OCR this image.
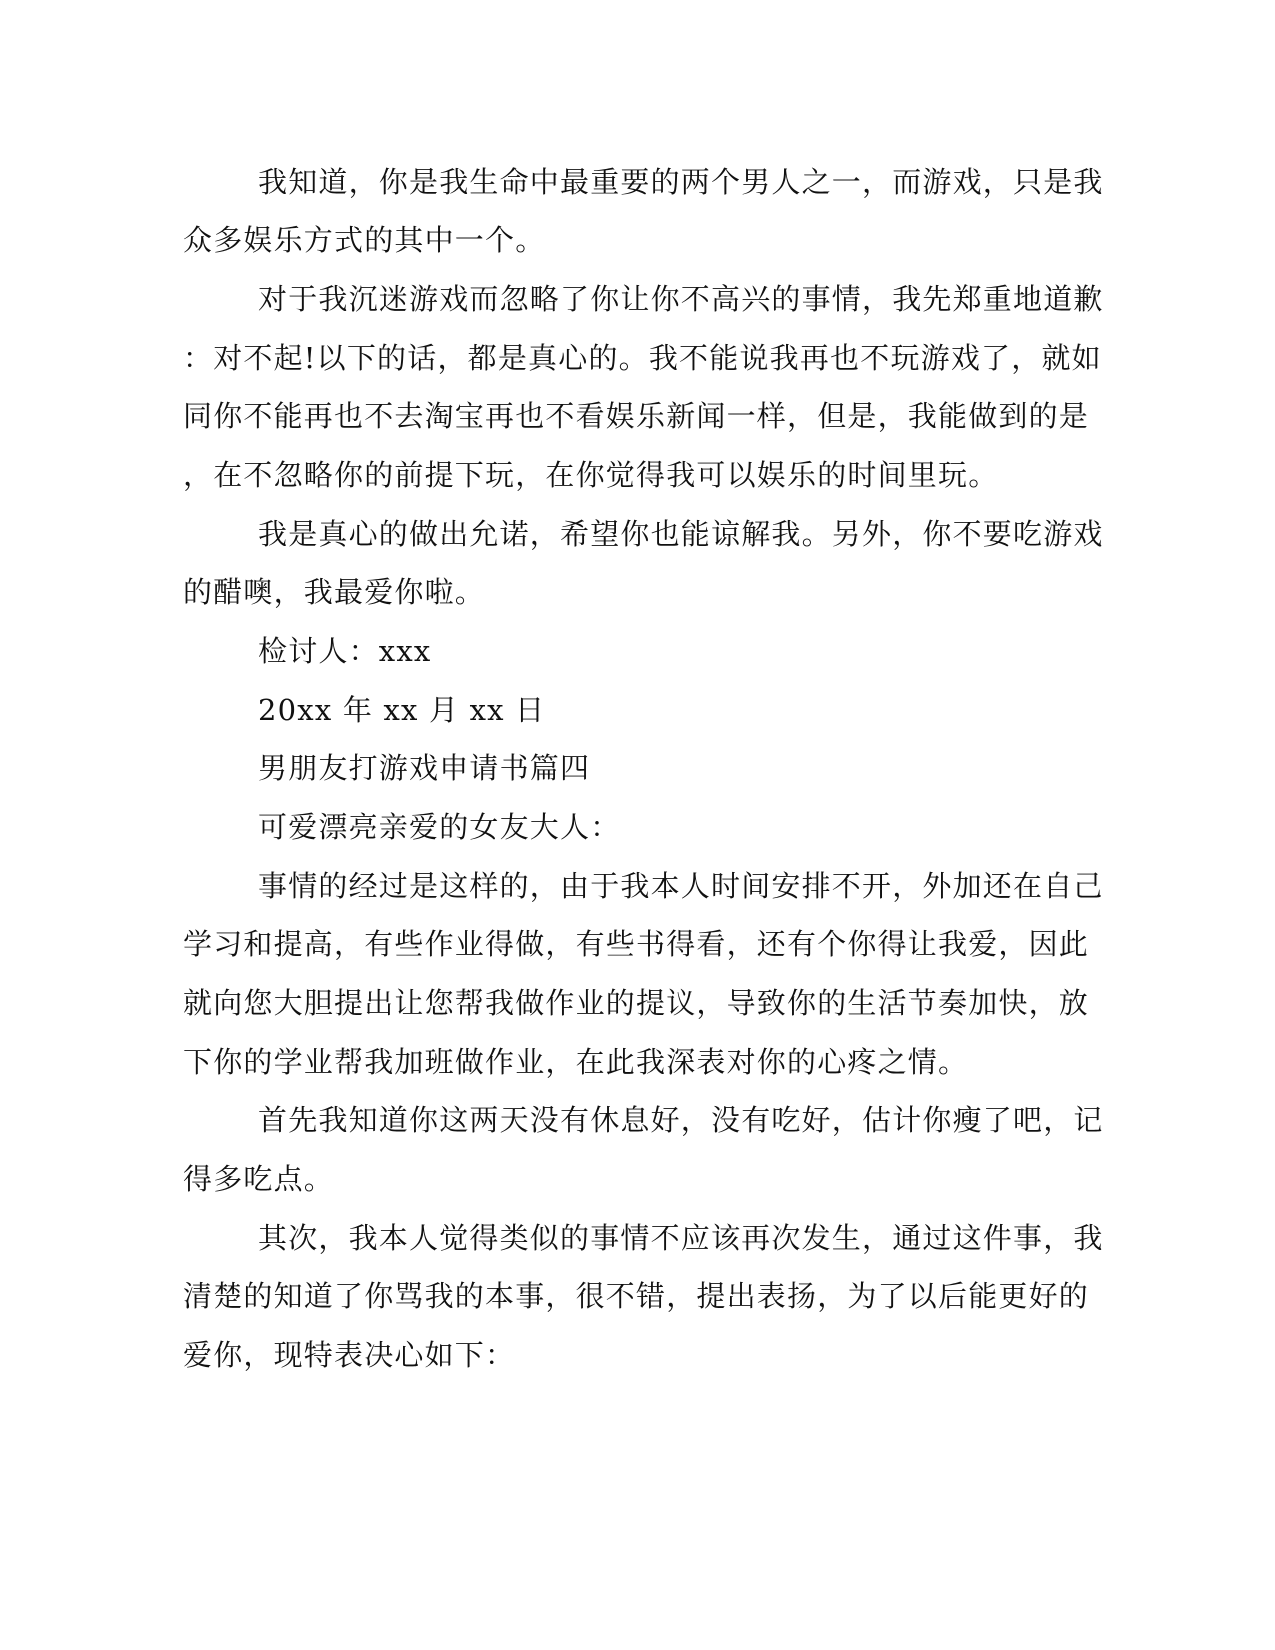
我知道，你是我生命中最重要的两个男人之一，而游戏，只是我
众多娱乐方式的其中一个。
对于我沉迷游戏而忽略了你让你不高兴的事情，我先郑重地道歉
：对不起!以下的话，都是真心的。我不能说我再也不玩游戏了，就如
同你不能再也不去淘宝再也不看娱乐新闻一样，但是，我能做到的是
，在不忽略你的前提下玩，在你觉得我可以娱乐的时间里玩。
我是真心的做出允诺，希望你也能谅解我。另外，你不要吃游戏
的醋噢，我最爱你啦。
检讨人：xxx
20xx 年 xx 月 xx 日
男朋友打游戏申请书篇四
可爱漂亮亲爱的女友大人：
事情的经过是这样的，由于我本人时间安排不开，外加还在自己
学习和提高，有些作业得做，有些书得看，还有个你得让我爱，因此
就向您大胆提出让您帮我做作业的提议，导致你的生活节奏加快，放
下你的学业帮我加班做作业，在此我深表对你的心疼之情。
首先我知道你这两天没有休息好，没有吃好，估计你瘦了吧，记
得多吃点。
其次，我本人觉得类似的事情不应该再次发生，通过这件事，我
清楚的知道了你骂我的本事，很不错，提出表扬，为了以后能更好的
爱你，现特表决心如下：
